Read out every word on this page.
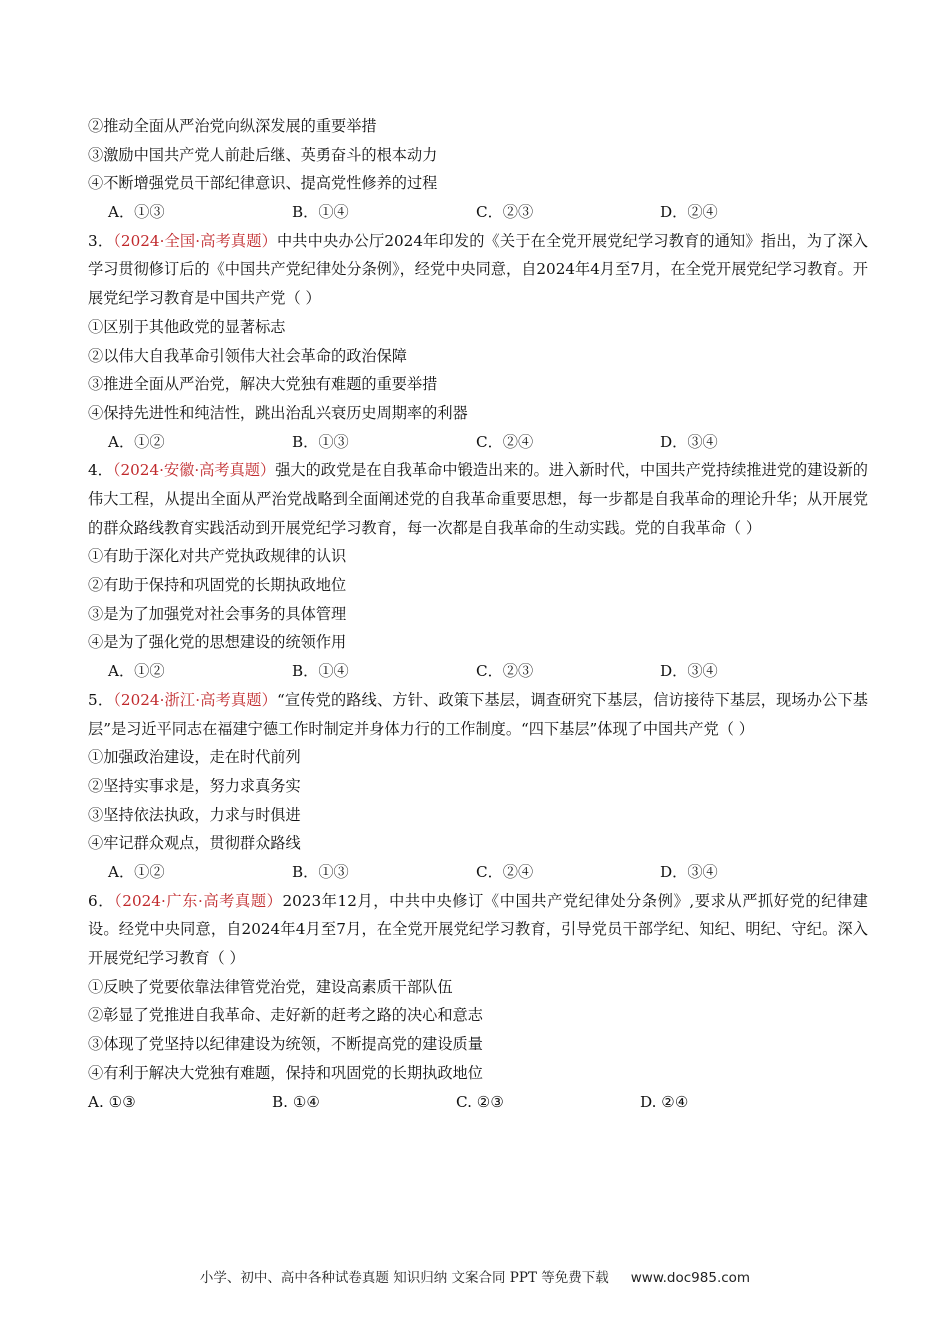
②推动全面从严治党向纵深发展的重要举措
③激励中国共产党人前赴后继、英勇奋斗的根本动力
④不断增强党员干部纪律意识、提高党性修养的过程
A．①③	B．①④	C．②③	D．②④
3．（2024·全国·高考真题）中共中央办公厅2024年印发的《关于在全党开展党纪学习教育的通知》指出，为了深入学习贯彻修订后的《中国共产党纪律处分条例》，经党中央同意，自2024年4月至7月，在全党开展党纪学习教育。开展党纪学习教育是中国共产党（ ）
①区别于其他政党的显著标志
②以伟大自我革命引领伟大社会革命的政治保障
③推进全面从严治党，解决大党独有难题的重要举措
④保持先进性和纯洁性，跳出治乱兴衰历史周期率的利器
A．①②	B．①③	C．②④	D．③④
4．（2024·安徽·高考真题）强大的政党是在自我革命中锻造出来的。进入新时代，中国共产党持续推进党的建设新的伟大工程，从提出全面从严治党战略到全面阐述党的自我革命重要思想，每一步都是自我革命的理论升华；从开展党的群众路线教育实践活动到开展党纪学习教育，每一次都是自我革命的生动实践。党的自我革命（ ）
①有助于深化对共产党执政规律的认识
②有助于保持和巩固党的长期执政地位
③是为了加强党对社会事务的具体管理
④是为了强化党的思想建设的统领作用
A．①②	B．①④	C．②③	D．③④
5．（2024·浙江·高考真题）“宣传党的路线、方针、政策下基层，调查研究下基层，信访接待下基层，现场办公下基层”是习近平同志在福建宁德工作时制定并身体力行的工作制度。“四下基层”体现了中国共产党（ ）
①加强政治建设，走在时代前列
②坚持实事求是，努力求真务实
③坚持依法执政，力求与时俱进
④牢记群众观点，贯彻群众路线
A．①②	B．①③	C．②④	D．③④
6．（2024·广东·高考真题）2023年12月，中共中央修订《中国共产党纪律处分条例》,要求从严抓好党的纪律建设。经党中央同意，自2024年4月至7月，在全党开展党纪学习教育，引导党员干部学纪、知纪、明纪、守纪。深入开展党纪学习教育（ ）
①反映了党要依靠法律管党治党，建设高素质干部队伍
②彰显了党推进自我革命、走好新的赶考之路的决心和意志
③体现了党坚持以纪律建设为统领，不断提高党的建设质量
④有利于解决大党独有难题，保持和巩固党的长期执政地位
A. ①③	B. ①④	C. ②③	D. ②④
小学、初中、高中各种试卷真题 知识归纳 文案合同 PPT 等免费下载 www.doc985.com
